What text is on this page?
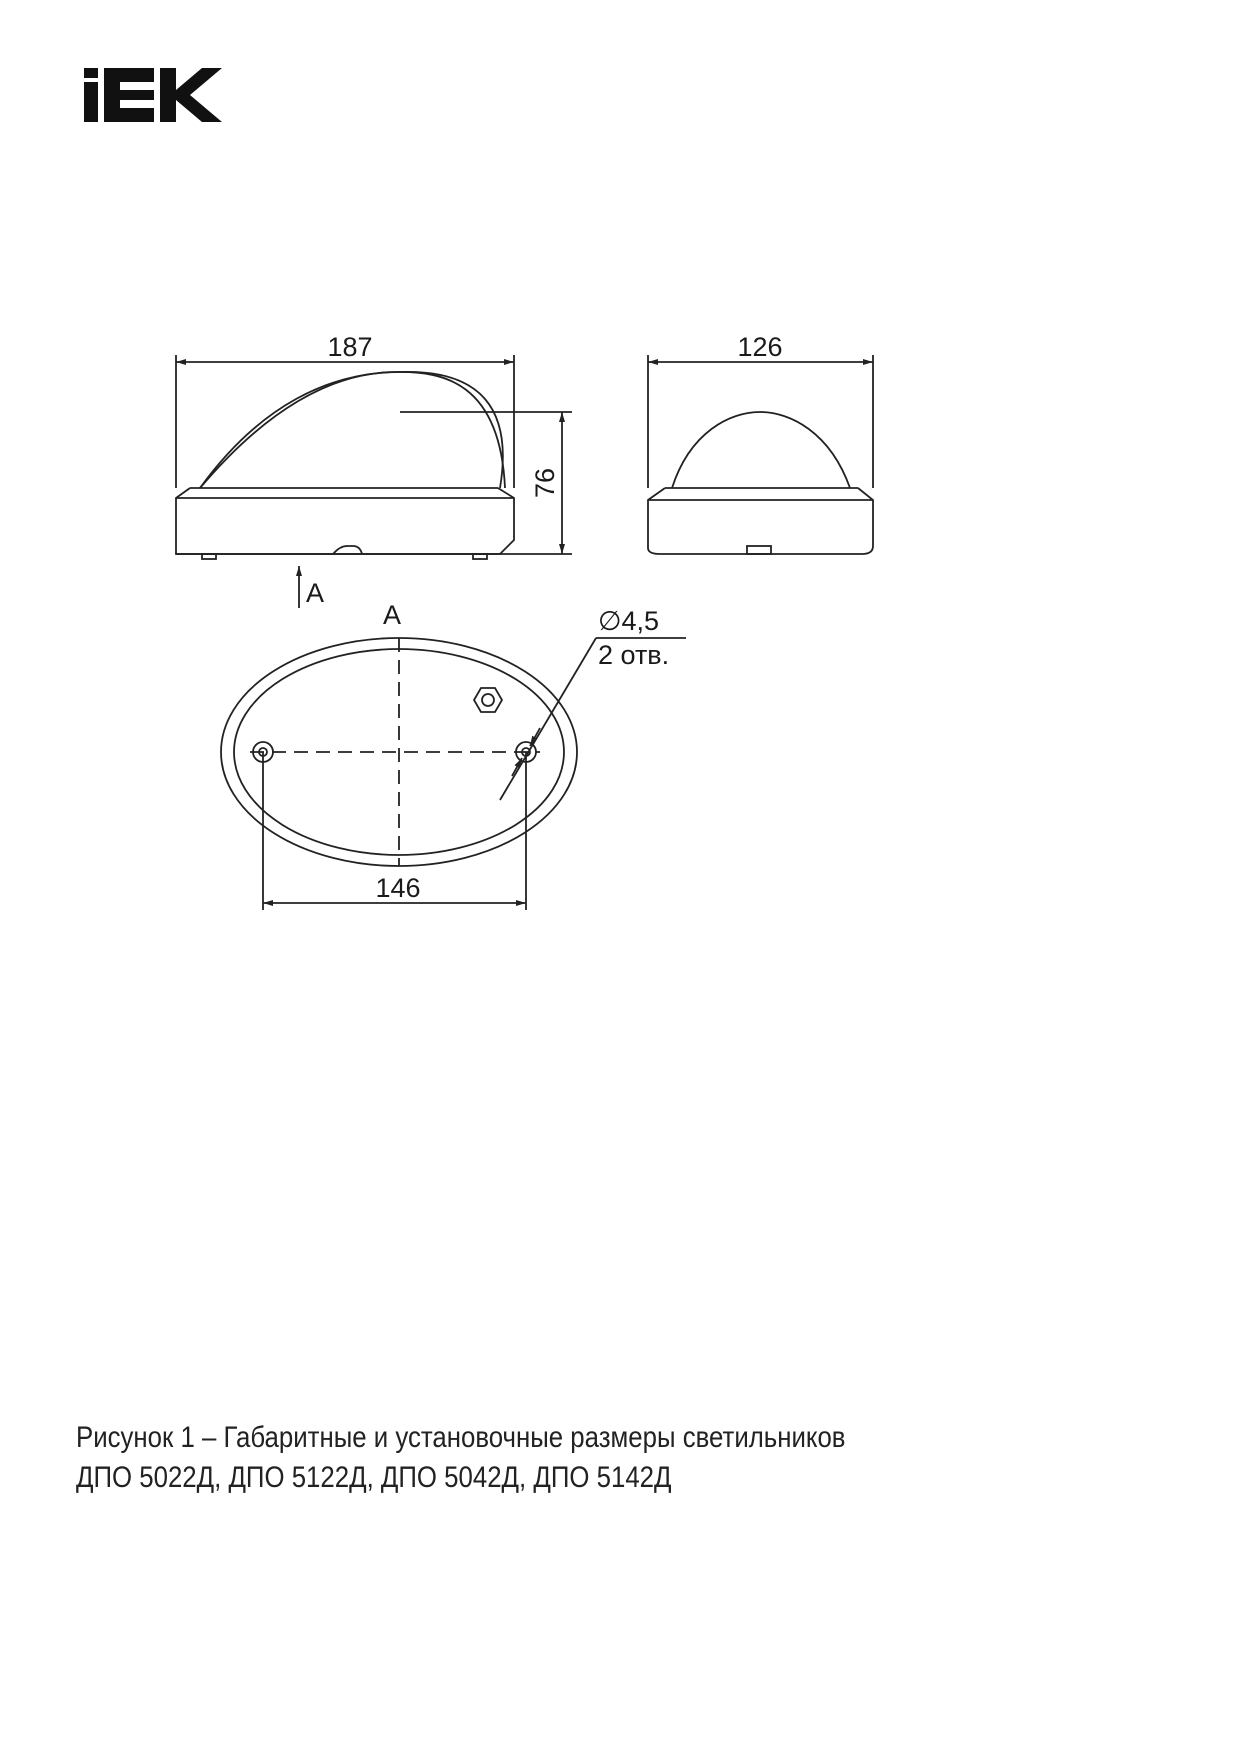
187
76
126
A
A	∅4,5
2 отв.
146
Рисунок 1 – Габаритные и установочные размеры светильников
ДПО 5022Д, ДПО 5122Д, ДПО 5042Д, ДПО 5142Д
